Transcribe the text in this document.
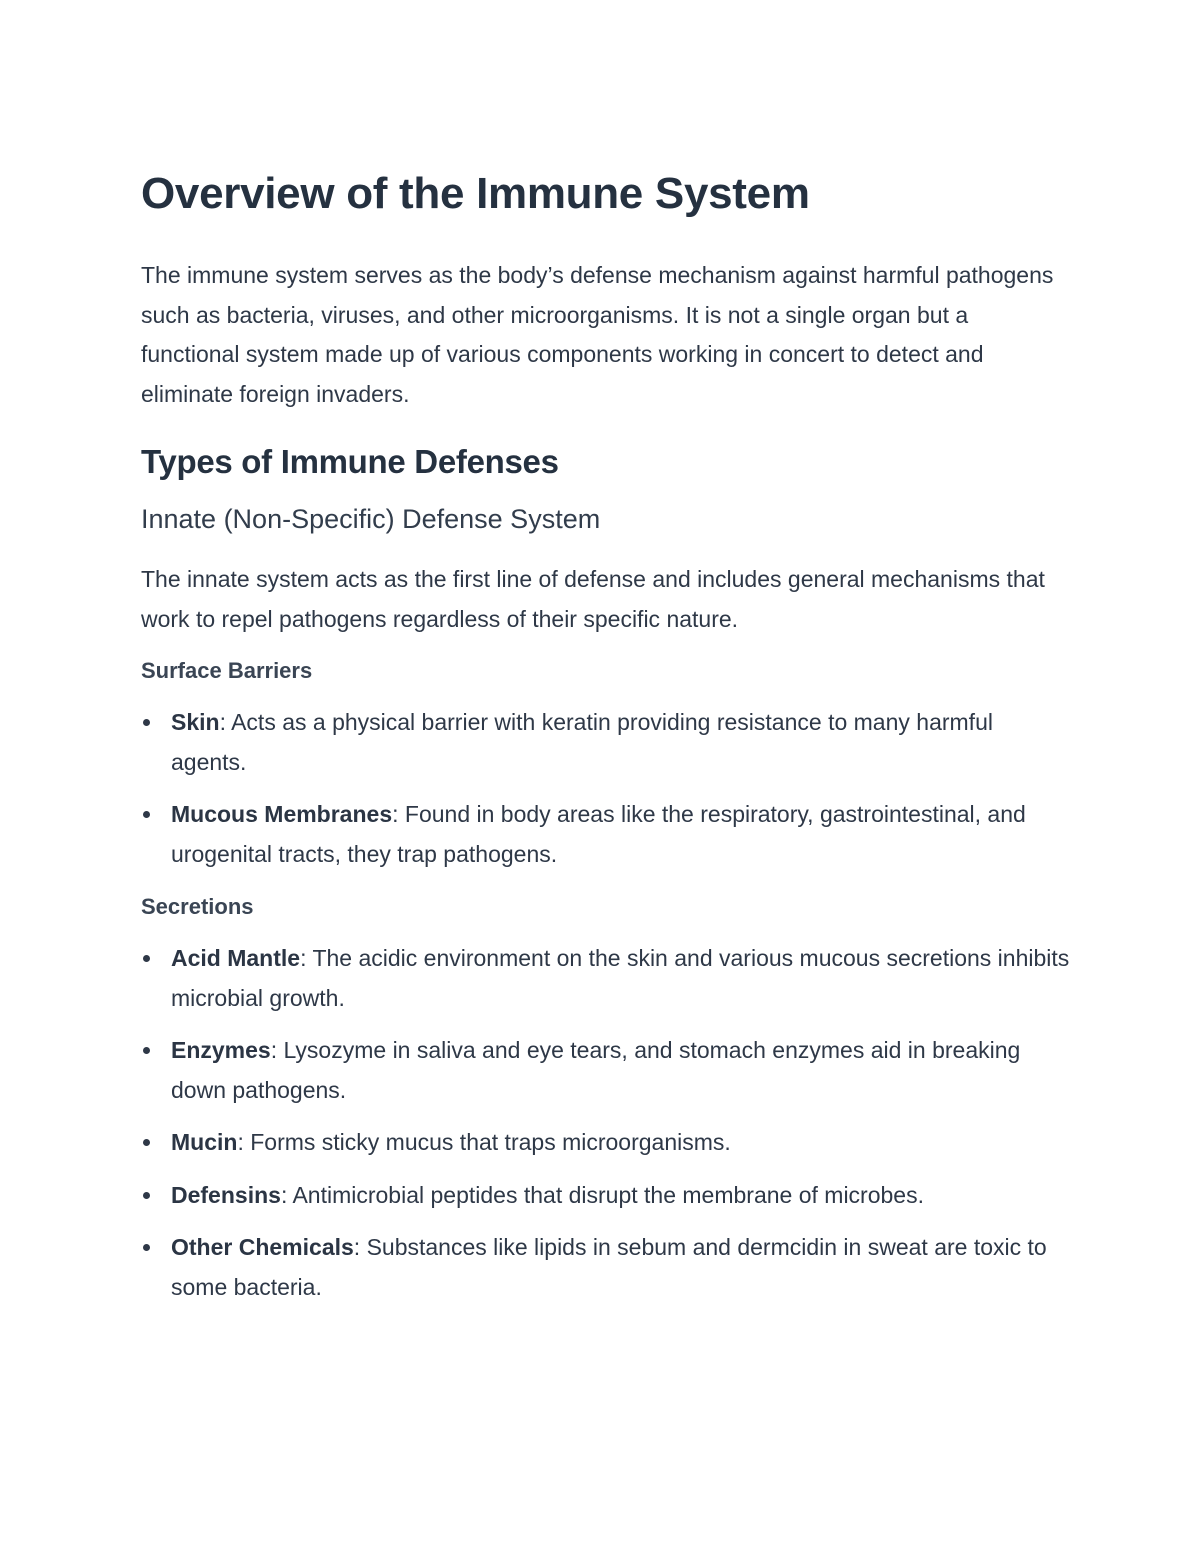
Overview of the Immune System

The immune system serves as the body’s defense mechanism against harmful pathogens such as bacteria, viruses, and other microorganisms. It is not a single organ but a functional system made up of various components working in concert to detect and eliminate foreign invaders.

Types of Immune Defenses
Innate (Non-Specific) Defense System

The innate system acts as the first line of defense and includes general mechanisms that work to repel pathogens regardless of their specific nature.

Surface Barriers
Skin: Acts as a physical barrier with keratin providing resistance to many harmful agents.
Mucous Membranes: Found in body areas like the respiratory, gastrointestinal, and urogenital tracts, they trap pathogens.
Secretions
Acid Mantle: The acidic environment on the skin and various mucous secretions inhibits microbial growth.
Enzymes: Lysozyme in saliva and eye tears, and stomach enzymes aid in breaking down pathogens.
Mucin: Forms sticky mucus that traps microorganisms.
Defensins: Antimicrobial peptides that disrupt the membrane of microbes.
Other Chemicals: Substances like lipids in sebum and dermcidin in sweat are toxic to some bacteria.
